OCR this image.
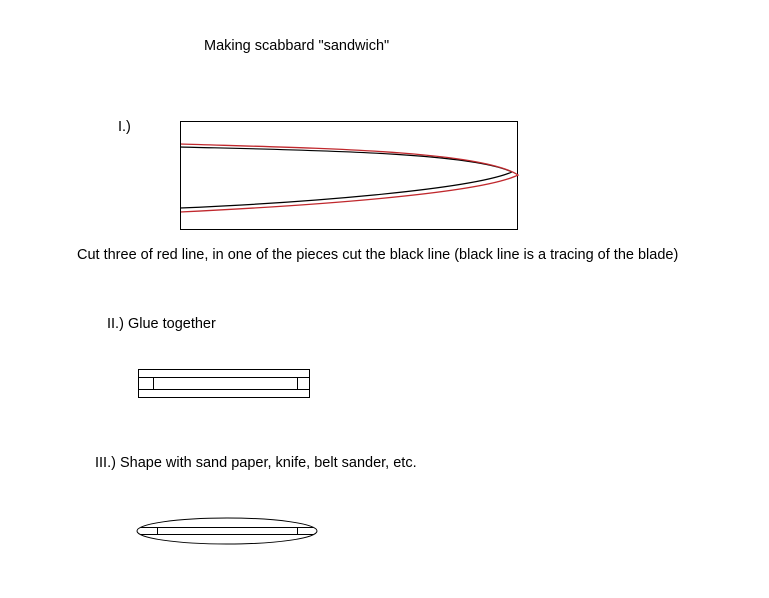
Making scabbard "sandwich"
I.)
Cut three of red line, in one of the pieces cut the black line (black line is a tracing of the blade)
II.) Glue together
III.) Shape with sand paper, knife, belt sander, etc.
